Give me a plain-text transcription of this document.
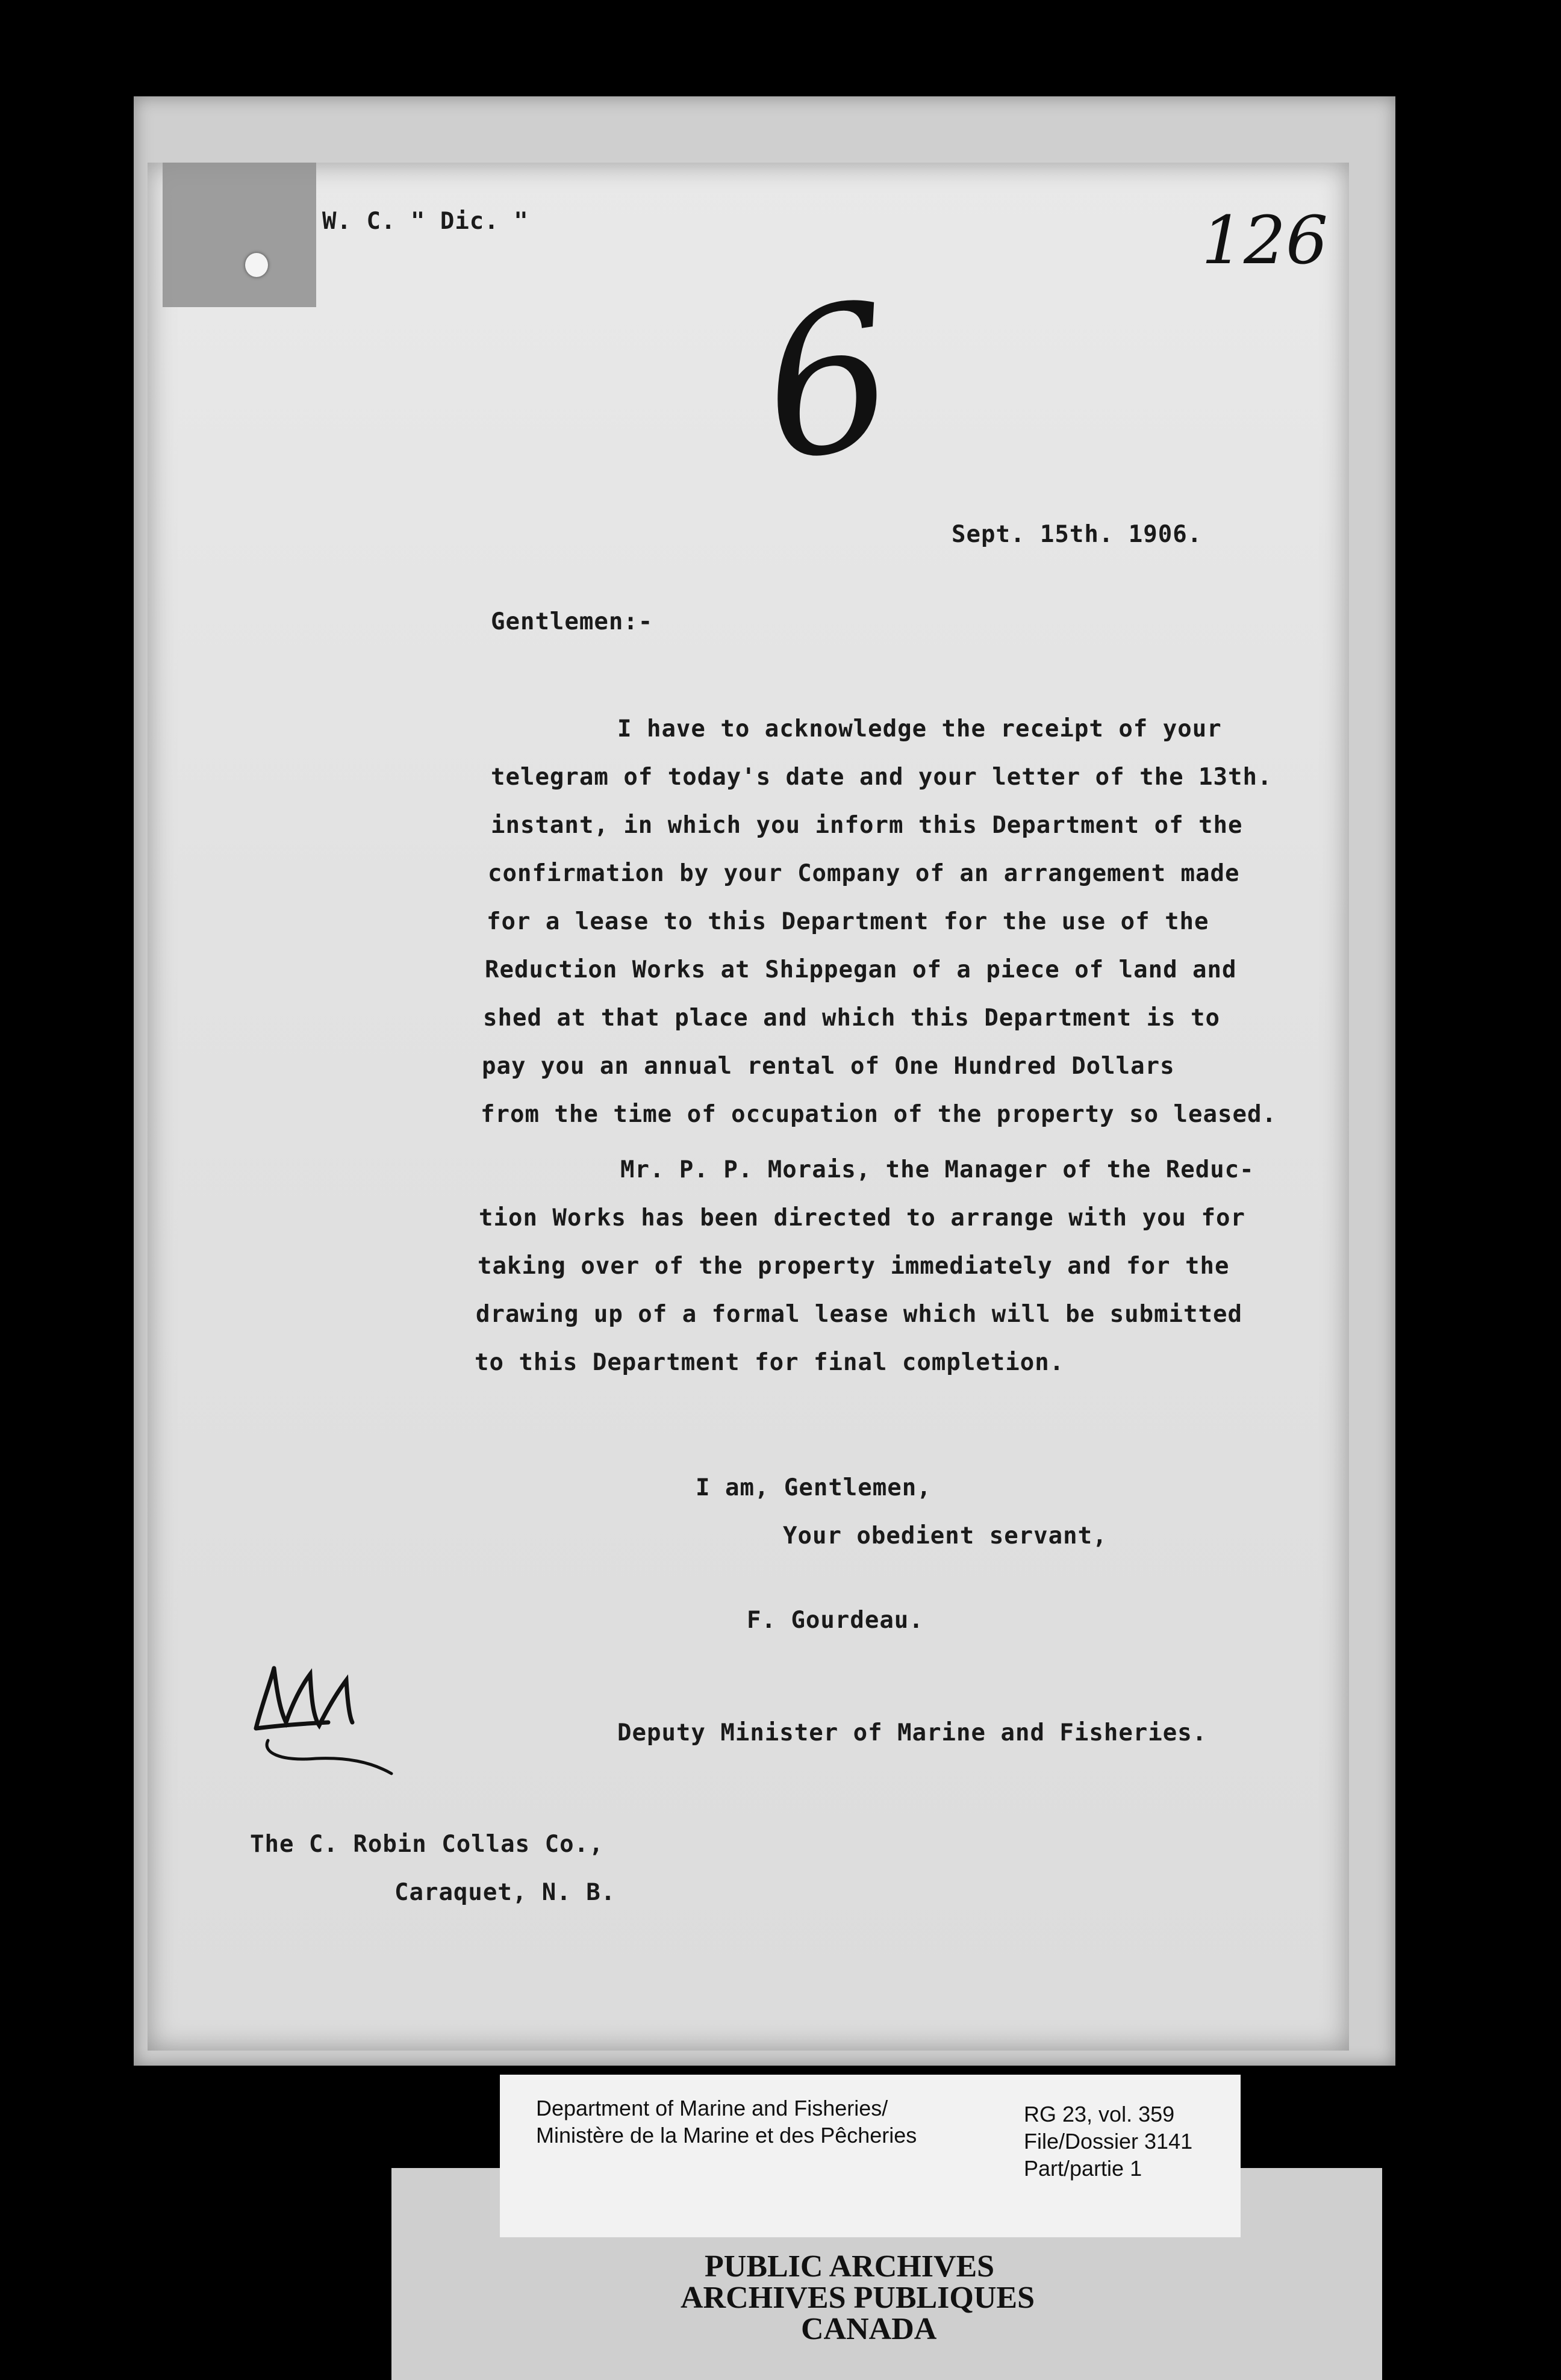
W. C. " Dic. "	126
6
Sept. 15th. 1906.
Gentlemen:-
I have to acknowledge the receipt of your
telegram of today's date and your letter of the 13th.
instant, in which you inform this Department of the
confirmation by your Company of an arrangement made
for a lease to this Department for the use of the
Reduction Works at Shippegan of a piece of land and
shed at that place and which this Department is to
pay you an annual rental of One Hundred Dollars
from the time of occupation of the property so leased.
Mr. P. P. Morais, the Manager of the Reduc-
tion Works has been directed to arrange with you for
taking over of the property immediately and for the
drawing up of a formal lease which will be submitted
to this Department for final completion.
I am, Gentlemen,
Your obedient servant,
F. Gourdeau.
Deputy Minister of Marine and Fisheries.
The C. Robin Collas Co.,
Caraquet, N. B.
Department of Marine and Fisheries/
Ministère de la Marine et des Pêcheries
RG 23, vol. 359
File/Dossier 3141
Part/partie 1
PUBLIC ARCHIVES
ARCHIVES PUBLIQUES
CANADA
